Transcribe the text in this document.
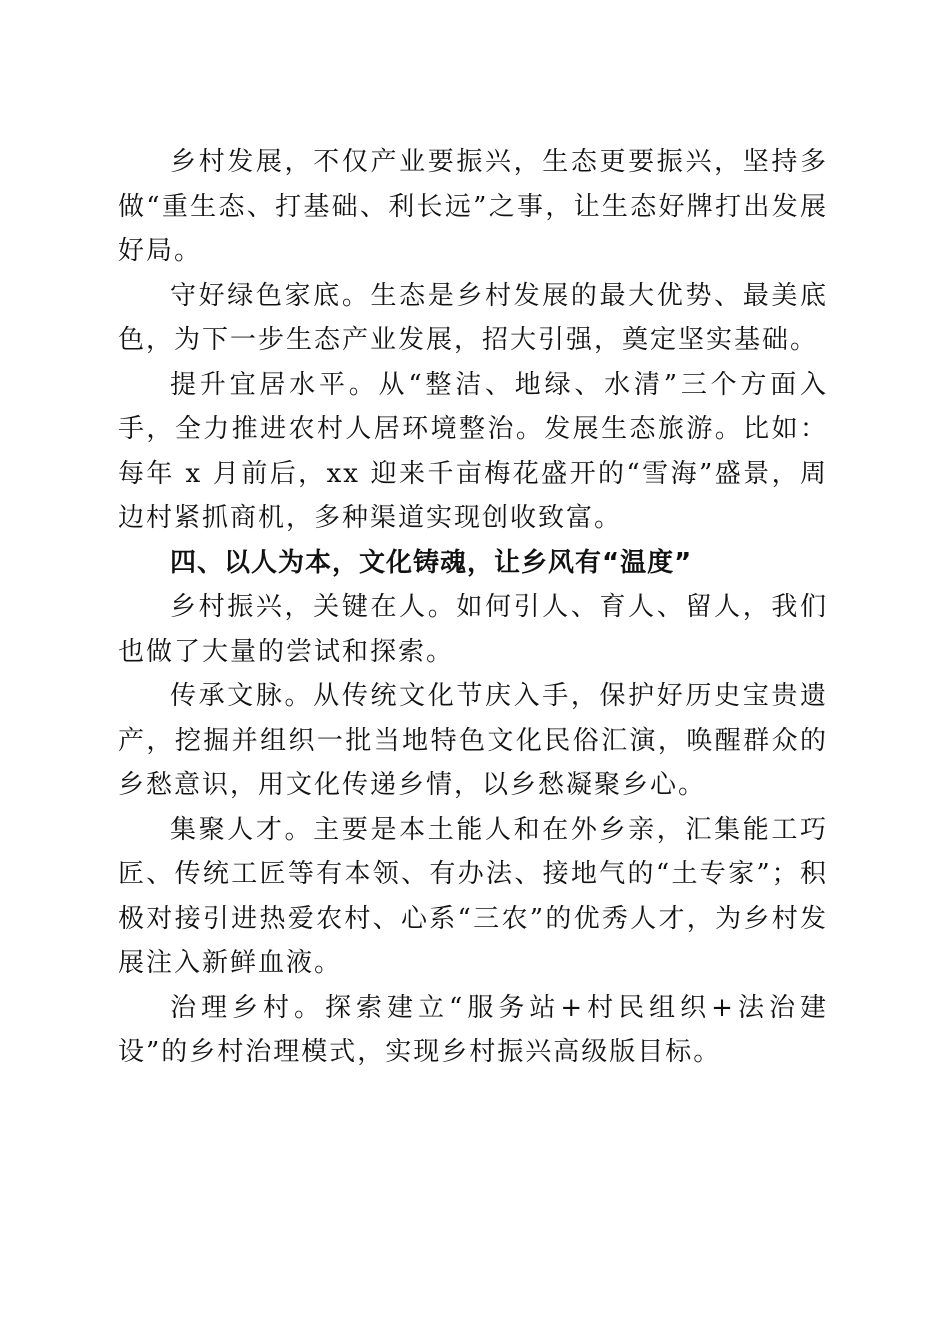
乡村发展，不仅产业要振兴，生态更要振兴，坚持多做“重生态、打基础、利长远”之事，让生态好牌打出发展好局。

守好绿色家底。生态是乡村发展的最大优势、最美底色，为下一步生态产业发展，招大引强，奠定坚实基础。

提升宜居水平。从“整洁、地绿、水清”三个方面入手，全力推进农村人居环境整治。发展生态旅游。比如：每年 x 月前后，xx 迎来千亩梅花盛开的“雪海”盛景，周边村紧抓商机，多种渠道实现创收致富。

四、以人为本，文化铸魂，让乡风有“温度”

乡村振兴，关键在人。如何引人、育人、留人，我们也做了大量的尝试和探索。

传承文脉。从传统文化节庆入手，保护好历史宝贵遗产，挖掘并组织一批当地特色文化民俗汇演，唤醒群众的乡愁意识，用文化传递乡情，以乡愁凝聚乡心。

集聚人才。主要是本土能人和在外乡亲，汇集能工巧匠、传统工匠等有本领、有办法、接地气的“土专家”；积极对接引进热爱农村、心系“三农”的优秀人才，为乡村发展注入新鲜血液。

治理乡村。探索建立“服务站+村民组织+法治建设”的乡村治理模式，实现乡村振兴高级版目标。
